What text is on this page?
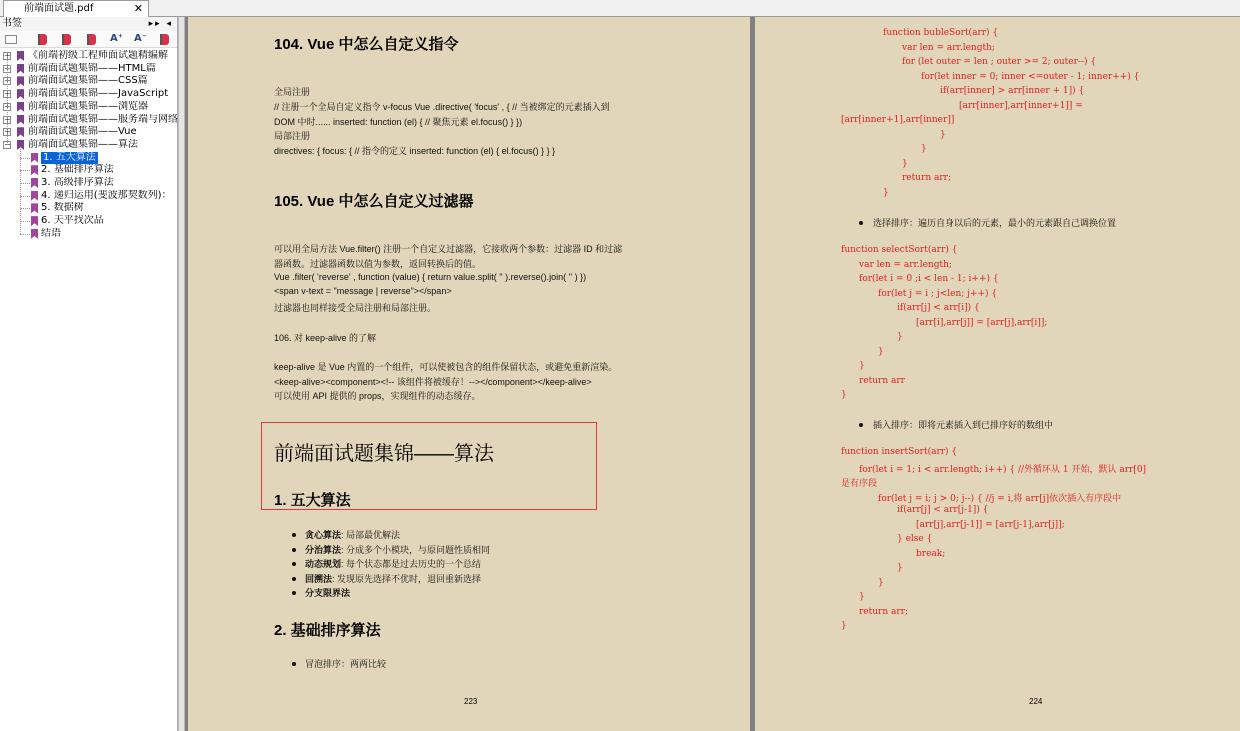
前端面试题.pdf	✕
书签	▸▸ ◂
A⁺ A⁻
+ 《前端初级工程师面试题精编解
+ 前端面试题集锦——HTML篇
+ 前端面试题集锦——CSS篇
+ 前端面试题集锦——JavaScript
+ 前端面试题集锦——浏览器
+ 前端面试题集锦——服务端与网络
+ 前端面试题集锦——Vue
− 前端面试题集锦——算法
1. 五大算法
2. 基础排序算法
3. 高级排序算法
4. 递归运用(斐波那契数列)：
5. 数据树
6. 天平找次品
结语
104. Vue 中怎么自定义指令
全局注册
// 注册一个全局自定义指令 v-focus Vue .directive( 'focus' , { // 当被绑定的元素插入到
DOM 中时...... inserted: function (el) { // 聚焦元素 el.focus() } })
局部注册
directives: { focus: { // 指令的定义 inserted: function (el) { el.focus() } } }
105. Vue 中怎么自定义过滤器
可以用全局方法 Vue.filter() 注册一个自定义过滤器，它接收两个参数：过滤器 ID 和过滤
器函数。过滤器函数以值为参数，返回转换后的值。
Vue .filter( 'reverse' , function (value) { return value.split( '' ).reverse().join( '' ) })
<span v-text = "message | reverse"></span>
过滤器也同样接受全局注册和局部注册。
106. 对 keep-alive 的了解
keep-alive 是 Vue 内置的一个组件，可以使被包含的组件保留状态，或避免重新渲染。
<keep-alive><component><!-- 该组件将被缓存！--></component></keep-alive>
可以使用 API 提供的 props，实现组件的动态缓存。
前端面试题集锦——算法
1. 五大算法
贪心算法: 局部最优解法
分治算法: 分成多个小模块，与原问题性质相同
动态规划: 每个状态都是过去历史的一个总结
回溯法: 发现原先选择不优时，退回重新选择
分支限界法
2. 基础排序算法
冒泡排序：两两比较
223
function bubleSort(arr) {
var len = arr.length;
for (let outer = len ; outer >= 2; outer--) {
for(let inner = 0; inner <=outer - 1; inner++) {
if(arr[inner] > arr[inner + 1]) {
[arr[inner],arr[inner+1]] =
[arr[inner+1],arr[inner]]
}
}
}
return arr;
}
选择排序：遍历自身以后的元素，最小的元素跟自己调换位置
function selectSort(arr) {
var len = arr.length;
for(let i = 0 ;i < len - 1; i++) {
for(let j = i ; j<len; j++) {
if(arr[j] < arr[i]) {
[arr[i],arr[j]] = [arr[j],arr[i]];
}
}
}
return arr
}
插入排序：即将元素插入到已排序好的数组中
function insertSort(arr) {
for(let i = 1; i < arr.length; i++) { //外循环从 1 开始，默认 arr[0]
是有序段
for(let j = i; j > 0; j--) { //j = i,将 arr[j]依次插入有序段中
if(arr[j] < arr[j-1]) {
[arr[j],arr[j-1]] = [arr[j-1],arr[j]];
} else {
break;
}
}
}
return arr;
}
224
